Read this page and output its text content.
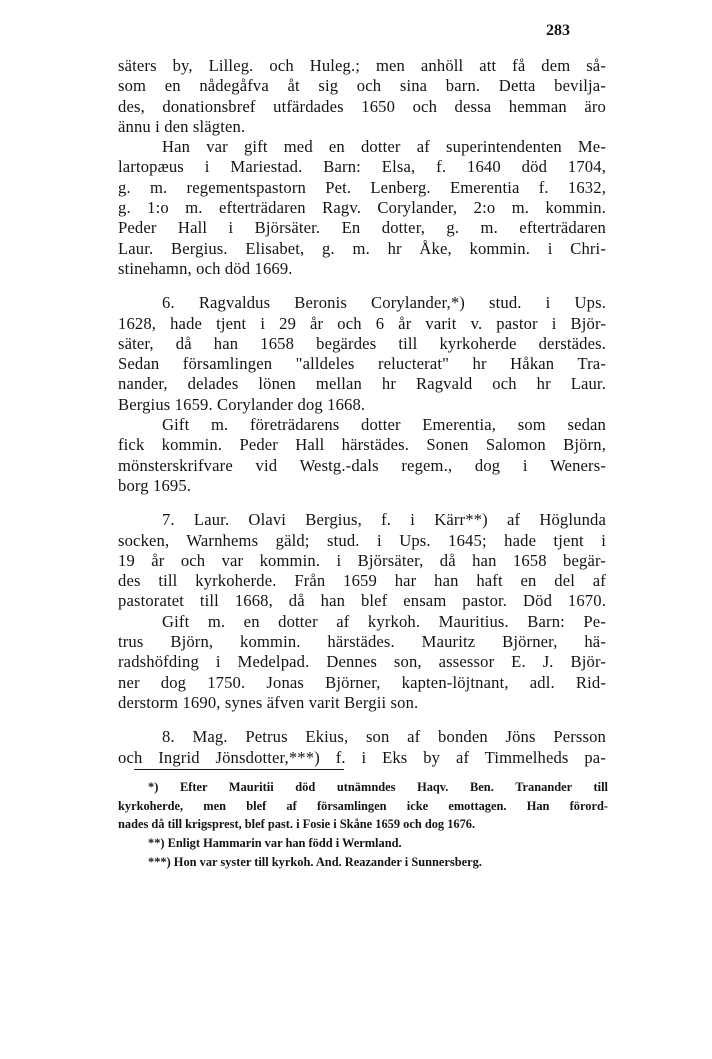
283
säters by, Lilleg. och Huleg.; men anhöll att få dem så-
som en nådegåfva åt sig och sina barn. Detta bevilja-
des, donationsbref utfärdades 1650 och dessa hemman äro
ännu i den slägten.
Han var gift med en dotter af superintendenten Me-
lartopæus i Mariestad. Barn: Elsa, f. 1640 död 1704,
g. m. regementspastorn Pet. Lenberg. Emerentia f. 1632,
g. 1:o m. efterträdaren Ragv. Corylander, 2:o m. kommin.
Peder Hall i Björsäter. En dotter, g. m. efterträdaren
Laur. Bergius. Elisabet, g. m. hr Åke, kommin. i Chri-
stinehamn, och död 1669.
6. Ragvaldus Beronis Corylander,*) stud. i Ups.
1628, hade tjent i 29 år och 6 år varit v. pastor i Björ-
säter, då han 1658 begärdes till kyrkoherde derstädes.
Sedan församlingen "alldeles relucterat" hr Håkan Tra-
nander, delades lönen mellan hr Ragvald och hr Laur.
Bergius 1659. Corylander dog 1668.
Gift m. företrädarens dotter Emerentia, som sedan
fick kommin. Peder Hall härstädes. Sonen Salomon Björn,
mönsterskrifvare vid Westg.-dals regem., dog i Weners-
borg 1695.
7. Laur. Olavi Bergius, f. i Kärr**) af Höglunda
socken, Warnhems gäld; stud. i Ups. 1645; hade tjent i
19 år och var kommin. i Björsäter, då han 1658 begär-
des till kyrkoherde. Från 1659 har han haft en del af
pastoratet till 1668, då han blef ensam pastor. Död 1670.
Gift m. en dotter af kyrkoh. Mauritius. Barn: Pe-
trus Björn, kommin. härstädes. Mauritz Björner, hä-
radshöfding i Medelpad. Dennes son, assessor E. J. Björ-
ner dog 1750. Jonas Björner, kapten-löjtnant, adl. Rid-
derstorm 1690, synes äfven varit Bergii son.
8. Mag. Petrus Ekius, son af bonden Jöns Persson
och Ingrid Jönsdotter,***) f. i Eks by af Timmelheds pa-
*) Efter Mauritii död utnämndes Haqv. Ben. Tranander till
kyrkoherde, men blef af församlingen icke emottagen. Han förord-
nades då till krigsprest, blef past. i Fosie i Skåne 1659 och dog 1676.
**) Enligt Hammarin var han född i Wermland.
***) Hon var syster till kyrkoh. And. Reazander i Sunnersberg.
